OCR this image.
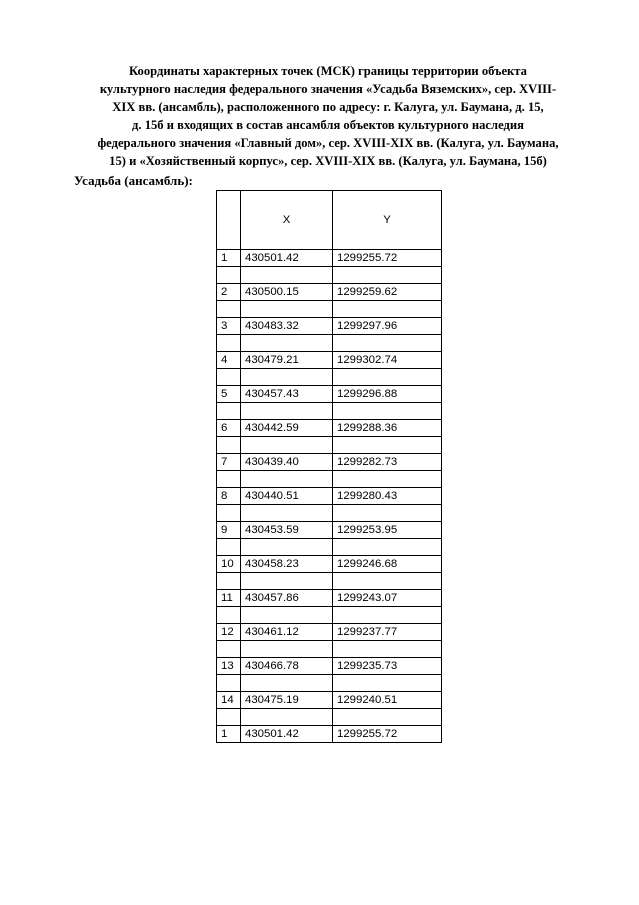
Координаты характерных точек (МСК) границы территории объекта
культурного наследия федерального значения «Усадьба Вяземских», сер. XVIII-
XIX вв. (ансамбль), расположенного по адресу: г. Калуга, ул. Баумана, д. 15,
д. 15б и входящих в состав ансамбля объектов культурного наследия
федерального значения «Главный дом», сер. XVIII-XIX вв. (Калуга, ул. Баумана,
15) и «Хозяйственный корпус», сер. XVIII-XIX вв. (Калуга, ул. Баумана, 15б)
Усадьба (ансамбль):
	X	Y
1	430501.42	1299255.72

2	430500.15	1299259.62

3	430483.32	1299297.96

4	430479.21	1299302.74

5	430457.43	1299296.88

6	430442.59	1299288.36

7	430439.40	1299282.73

8	430440.51	1299280.43

9	430453.59	1299253.95

10	430458.23	1299246.68

11	430457.86	1299243.07

12	430461.12	1299237.77

13	430466.78	1299235.73

14	430475.19	1299240.51

1	430501.42	1299255.72
